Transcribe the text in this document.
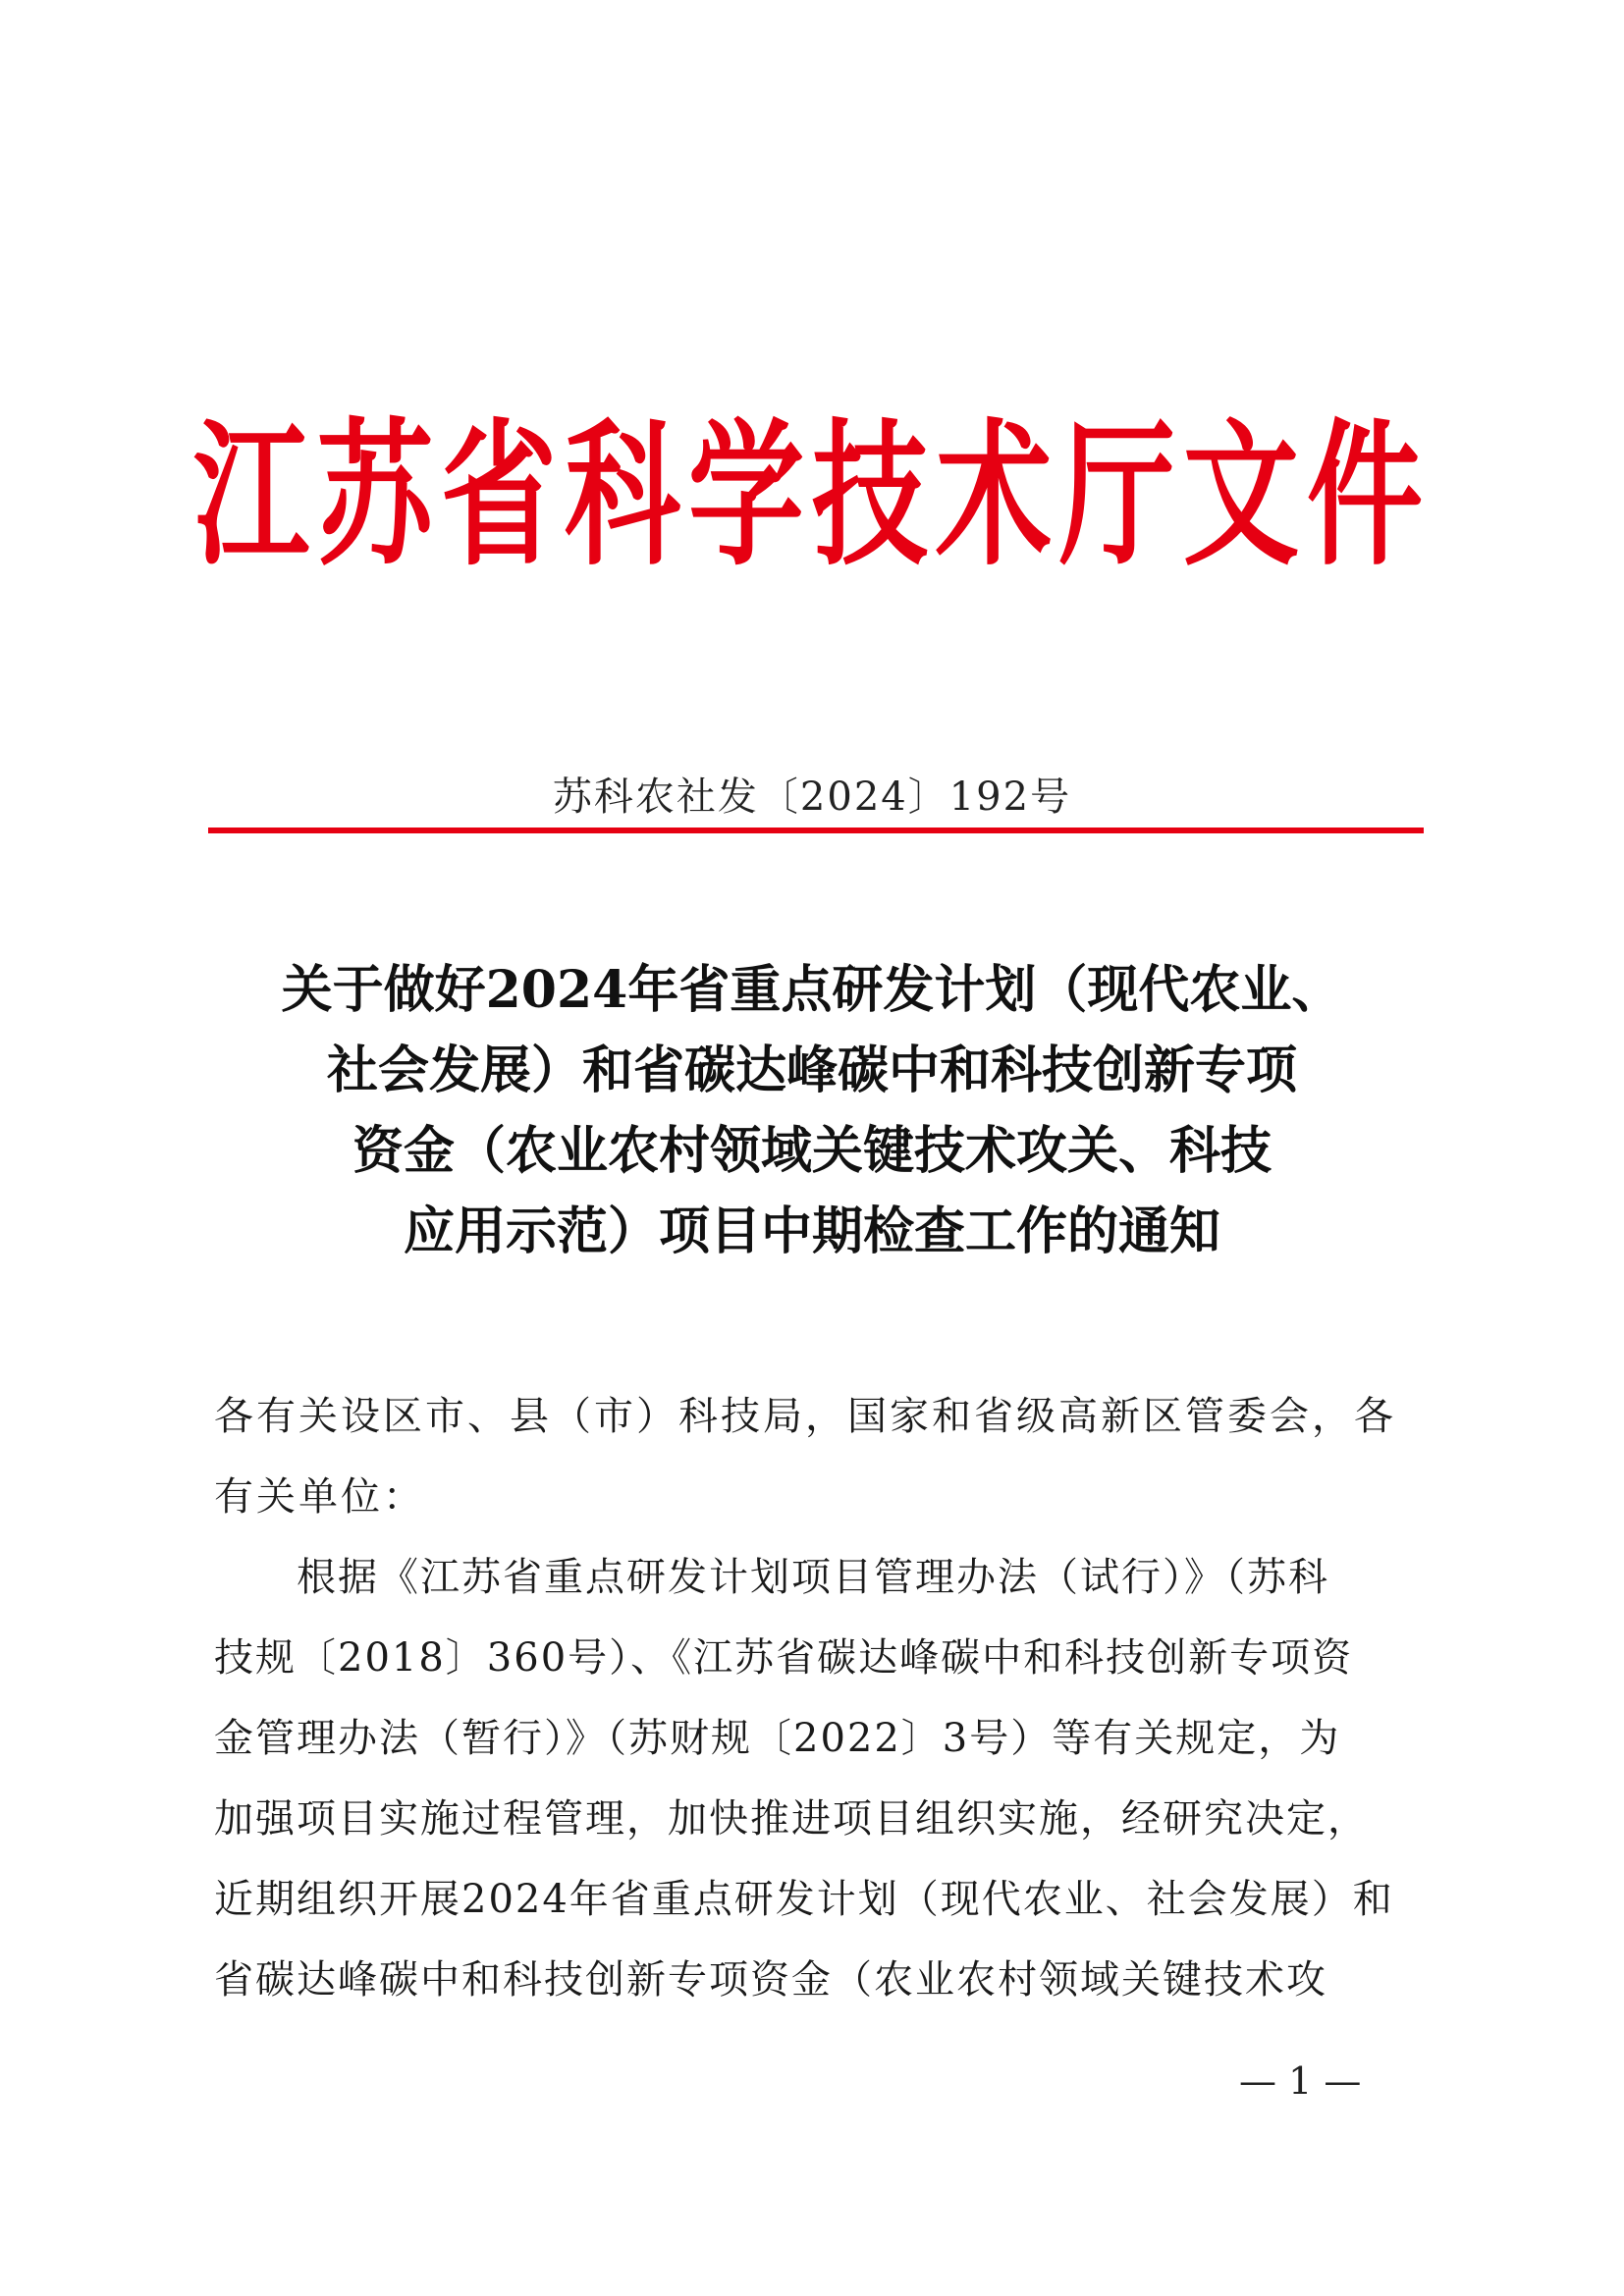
江苏省科学技术厅文件
苏科农社发〔2024〕192号
关于做好2024年省重点研发计划（现代农业、
社会发展）和省碳达峰碳中和科技创新专项
资金（农业农村领域关键技术攻关、科技
应用示范）项目中期检查工作的通知
各有关设区市、县（市）科技局，国家和省级高新区管委会，各
有关单位：
　　根据《江苏省重点研发计划项目管理办法（试行）》（苏科
技规〔2018〕360号）、《江苏省碳达峰碳中和科技创新专项资
金管理办法（暂行）》（苏财规〔2022〕3号）等有关规定，为
加强项目实施过程管理，加快推进项目组织实施，经研究决定，
近期组织开展2024年省重点研发计划（现代农业、社会发展）和
省碳达峰碳中和科技创新专项资金（农业农村领域关键技术攻
— 1 —
